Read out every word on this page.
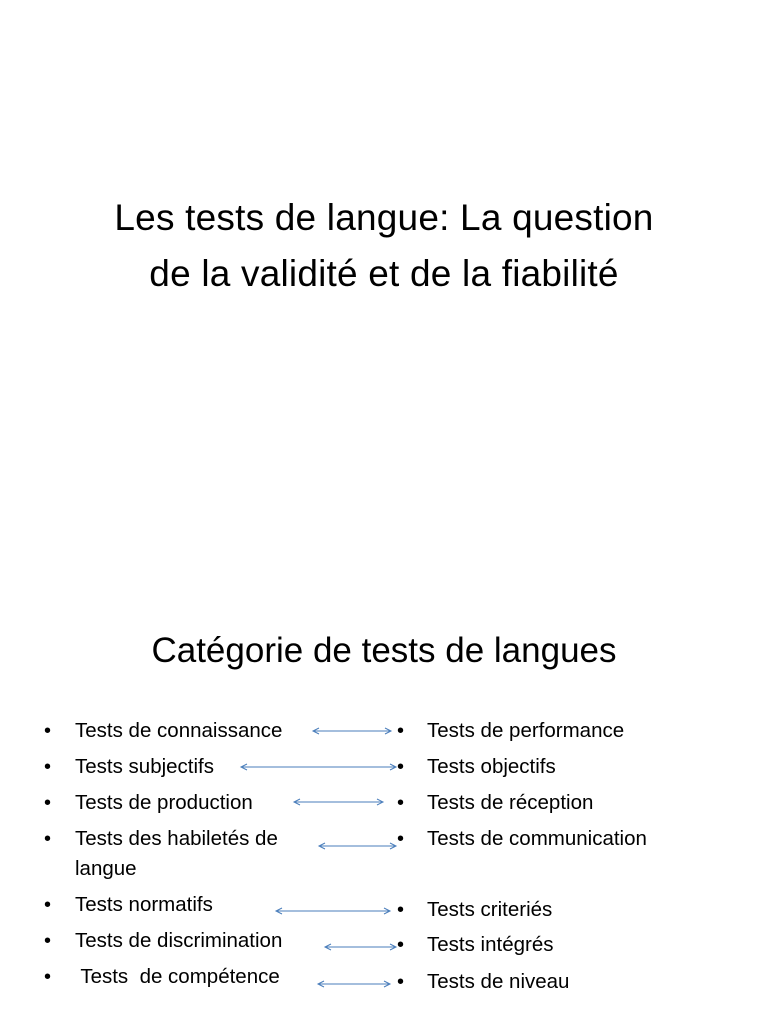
Les tests de langue: La question
de la validité et de la fiabilité
Catégorie de tests de langues
• Tests de connaissance
• Tests subjectifs
• Tests de production
• Tests des habiletés de
langue
• Tests normatifs
• Tests de discrimination
• Tests  de compétence
• Tests de performance
• Tests objectifs
• Tests de réception
• Tests de communication
• Tests criteriés
• Tests intégrés
• Tests de niveau
